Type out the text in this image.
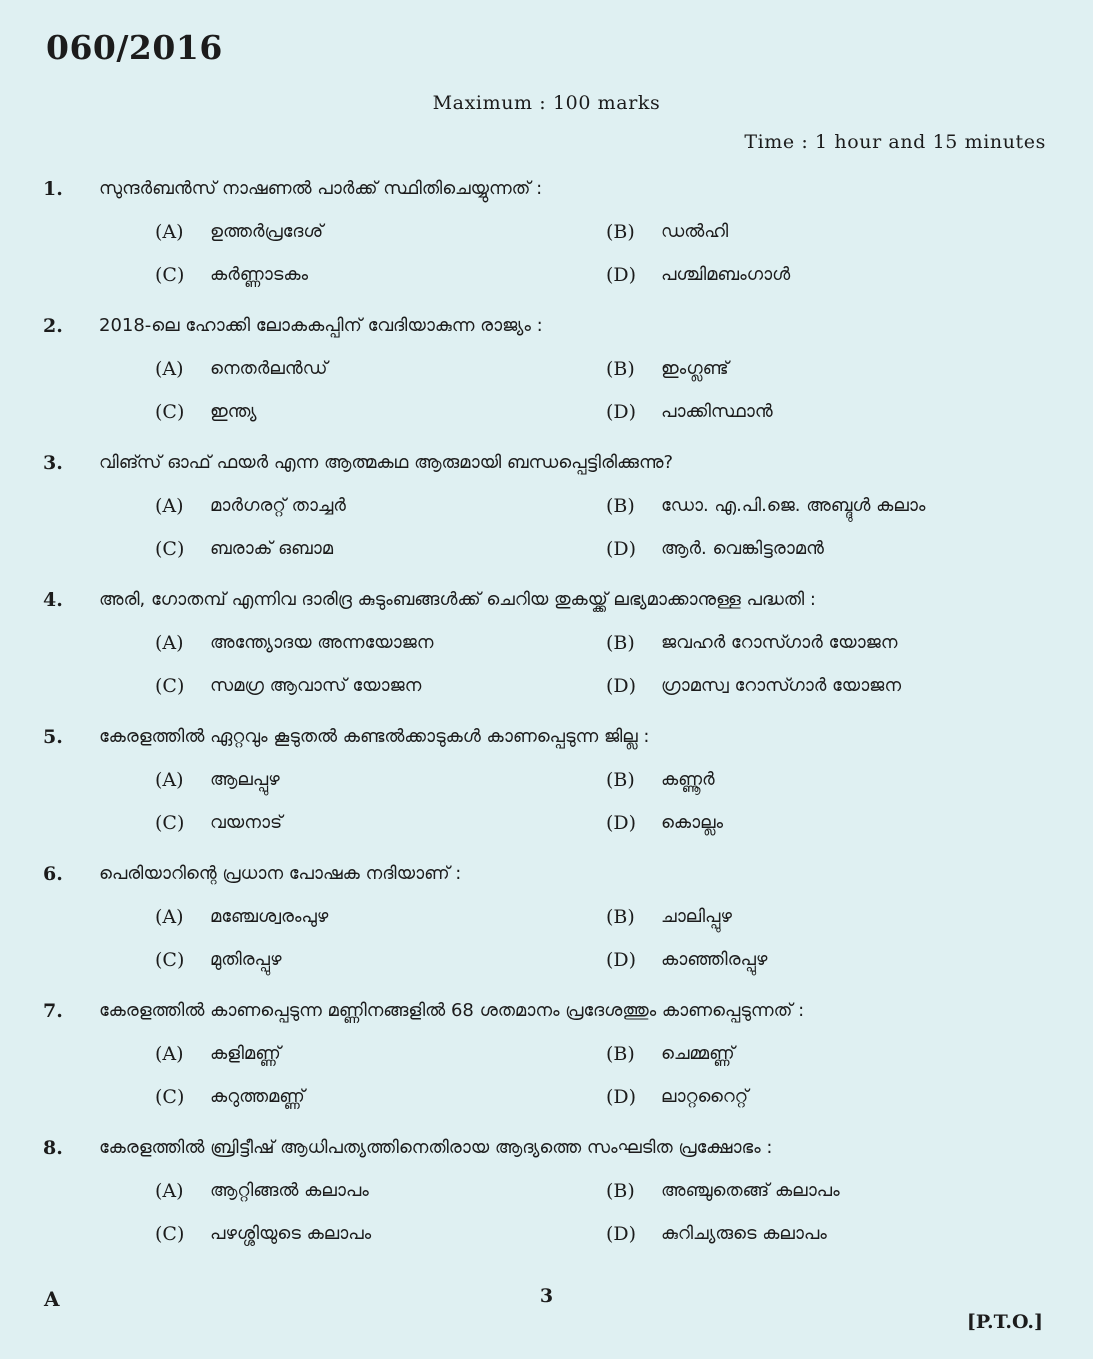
060/2016
Maximum : 100 marks
Time : 1 hour and 15 minutes
1. സുന്ദർബൻസ് നാഷണൽ പാർക്ക് സ്ഥിതിചെയ്യുന്നത് :
(A) ഉത്തർപ്രദേശ്	(B) ഡൽഹി
(C) കർണ്ണാടകം	(D) പശ്ചിമബംഗാൾ
2. 2018-ലെ ഹോക്കി ലോകകപ്പിന് വേദിയാകുന്ന രാജ്യം :
(A) നെതർലൻഡ്	(B) ഇംഗ്ലണ്ട്
(C) ഇന്ത്യ	(D) പാക്കിസ്ഥാൻ
3. വിങ്സ് ഓഫ് ഫയർ എന്ന ആത്മകഥ ആരുമായി ബന്ധപ്പെട്ടിരിക്കുന്നു?
(A) മാർഗരറ്റ് താച്ചർ	(B) ഡോ. എ.പി.ജെ. അബ്ദുൾ കലാം
(C) ബരാക് ഒബാമ	(D) ആർ. വെങ്കിട്ടരാമൻ
4. അരി, ഗോതമ്പ് എന്നിവ ദാരിദ്ര കുടുംബങ്ങൾക്ക് ചെറിയ തുകയ്ക്ക് ലഭ്യമാക്കാനുള്ള പദ്ധതി :
(A) അന്ത്യോദയ അന്നയോജന	(B) ജവഹർ റോസ്ഗാർ യോജന
(C) സമഗ്ര ആവാസ് യോജന	(D) ഗ്രാമസ്വ റോസ്ഗാർ യോജന
5. കേരളത്തിൽ ഏറ്റവും കൂടുതൽ കണ്ടൽക്കാടുകൾ കാണപ്പെടുന്ന ജില്ല :
(A) ആലപ്പുഴ	(B) കണ്ണൂർ
(C) വയനാട്	(D) കൊല്ലം
6. പെരിയാറിന്റെ പ്രധാന പോഷക നദിയാണ് :
(A) മഞ്ചേശ്വരംപുഴ	(B) ചാലിപ്പുഴ
(C) മുതിരപ്പുഴ	(D) കാഞ്ഞിരപ്പുഴ
7. കേരളത്തിൽ കാണപ്പെടുന്ന മണ്ണിനങ്ങളിൽ 68 ശതമാനം പ്രദേശത്തും കാണപ്പെടുന്നത് :
(A) കളിമണ്ണ്	(B) ചെമ്മണ്ണ്
(C) കറുത്തമണ്ണ്	(D) ലാറ്ററൈറ്റ്
8. കേരളത്തിൽ ബ്രിട്ടീഷ് ആധിപത്യത്തിനെതിരായ ആദ്യത്തെ സംഘടിത പ്രക്ഷോഭം :
(A) ആറ്റിങ്ങൽ കലാപം	(B) അഞ്ചുതെങ്ങ് കലാപം
(C) പഴശ്ശിയുടെ കലാപം	(D) കുറിച്യരുടെ കലാപം
A	3
[P.T.O.]
